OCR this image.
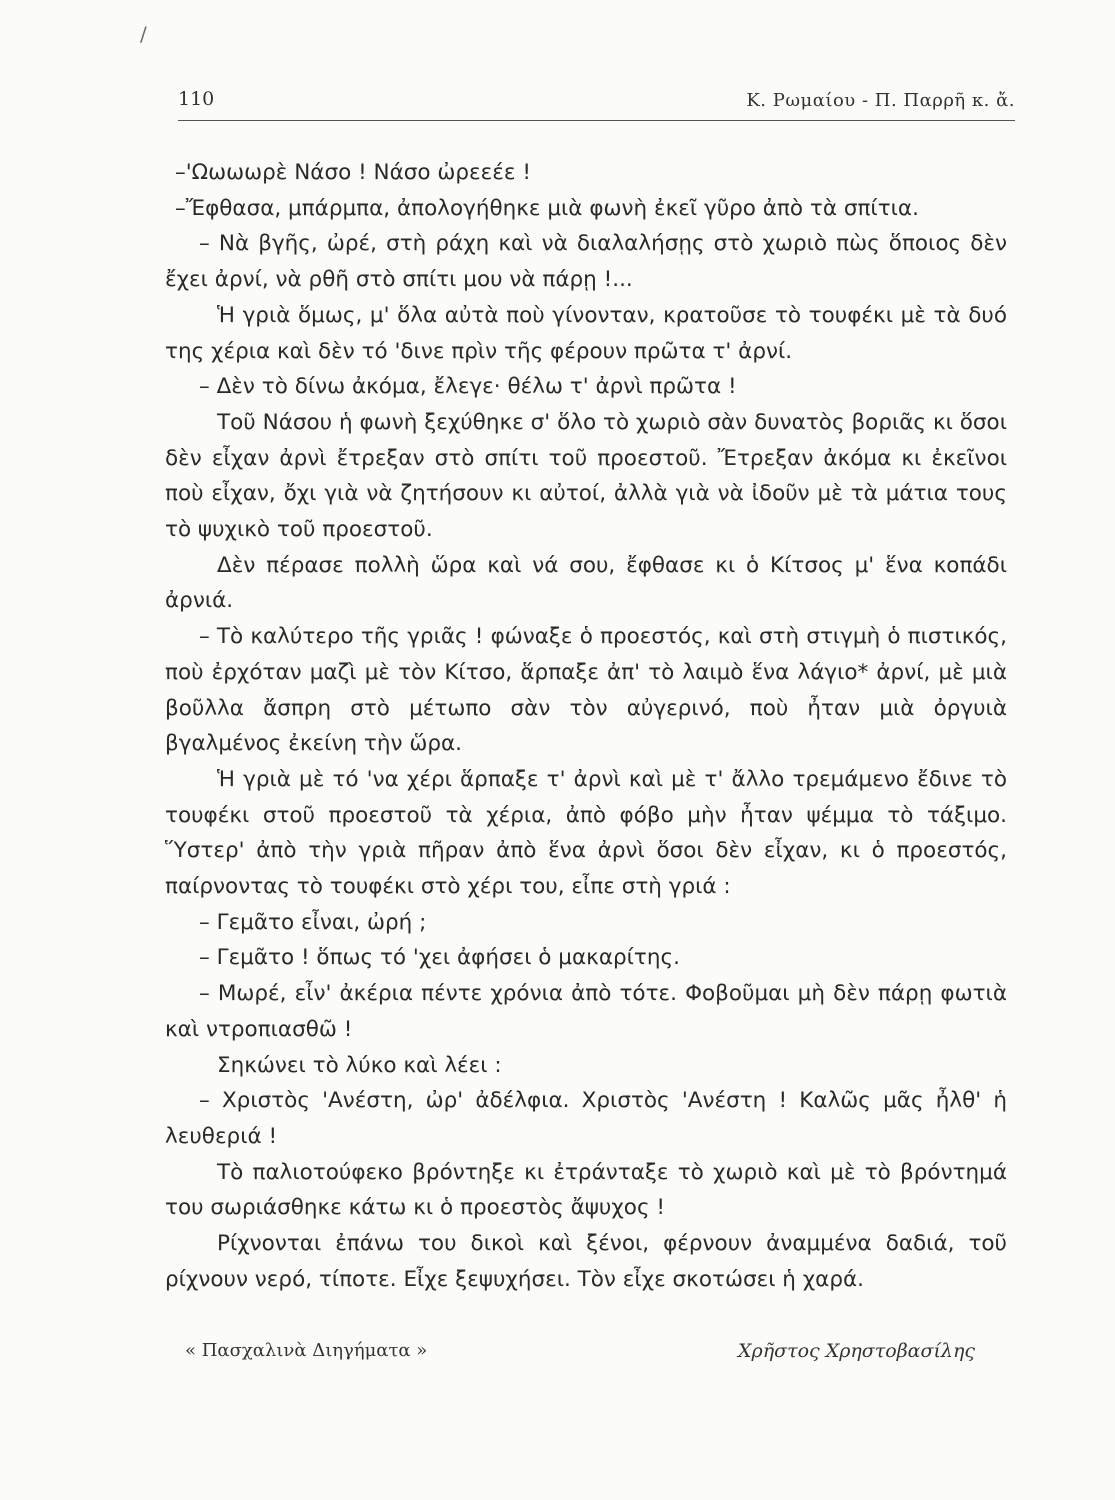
/
110	Κ. Ρωμαίου - Π. Παρρῆ κ. ἄ.

–'Ωωωωρὲ Νάσο ! Νάσο ὠρεεέε !

–Ἔφθασα, μπάρμπα, ἀπολογήθηκε μιὰ φωνὴ ἐκεῖ γῦρο ἀπὸ τὰ σπίτια.

– Νὰ βγῆς, ὠρέ, στὴ ράχη καὶ νὰ διαλαλήσῃς στὸ χωριὸ πὼς ὅποιος δὲν ἔχει ἀρνί, νὰ ρθῆ στὸ σπίτι μου νὰ πάρῃ !...

Ἡ γριὰ ὅμως, μ' ὅλα αὐτὰ ποὺ γίνονταν, κρατοῦσε τὸ τουφέκι μὲ τὰ δυό της χέρια καὶ δὲν τό 'δινε πρὶν τῆς φέρουν πρῶτα τ' ἀρνί.

– Δὲν τὸ δίνω ἀκόμα, ἔλεγε· θέλω τ' ἀρνὶ πρῶτα !

Τοῦ Νάσου ἡ φωνὴ ξεχύθηκε σ' ὅλο τὸ χωριὸ σὰν δυνατὸς βοριᾶς κι ὅσοι δὲν εἶχαν ἀρνὶ ἔτρεξαν στὸ σπίτι τοῦ προεστοῦ. Ἔτρεξαν ἀκόμα κι ἐκεῖνοι ποὺ εἶχαν, ὄχι γιὰ νὰ ζητήσουν κι αὐτοί, ἀλλὰ γιὰ νὰ ἰδοῦν μὲ τὰ μάτια τους τὸ ψυχικὸ τοῦ προεστοῦ.

Δὲν πέρασε πολλὴ ὥρα καὶ νά σου, ἔφθασε κι ὁ Κίτσος μ' ἕνα κοπάδι ἀρνιά.

– Τὸ καλύτερο τῆς γριᾶς ! φώναξε ὁ προεστός, καὶ στὴ στιγμὴ ὁ πιστικός, ποὺ ἐρχόταν μαζὶ μὲ τὸν Κίτσο, ἅρπαξε ἀπ' τὸ λαιμὸ ἕνα λάγιο* ἀρνί, μὲ μιὰ βοῦλλα ἄσπρη στὸ μέτωπο σὰν τὸν αὐγερινό, ποὺ ἦταν μιὰ ὀργυιὰ βγαλμένος ἐκείνη τὴν ὥρα.

Ἡ γριὰ μὲ τό 'να χέρι ἅρπαξε τ' ἀρνὶ καὶ μὲ τ' ἄλλο τρεμάμενο ἔδινε τὸ τουφέκι στοῦ προεστοῦ τὰ χέρια, ἀπὸ φόβο μὴν ἦταν ψέμμα τὸ τάξιμο. Ὕστερ' ἀπὸ τὴν γριὰ πῆραν ἀπὸ ἕνα ἀρνὶ ὅσοι δὲν εἶχαν, κι ὁ προεστός, παίρνοντας τὸ τουφέκι στὸ χέρι του, εἶπε στὴ γριά :

– Γεμᾶτο εἶναι, ὠρή ;

– Γεμᾶτο ! ὅπως τό 'χει ἀφήσει ὁ μακαρίτης.

– Μωρέ, εἶν' ἀκέρια πέντε χρόνια ἀπὸ τότε. Φοβοῦμαι μὴ δὲν πάρῃ φωτιὰ καὶ ντροπιασθῶ !

Σηκώνει τὸ λύκο καὶ λέει :

– Χριστὸς 'Ανέστη, ὠρ' ἀδέλφια. Χριστὸς 'Ανέστη ! Καλῶς μᾶς ἦλθ' ἡ λευθεριά !

Τὸ παλιοτούφεκο βρόντηξε κι ἐτράνταξε τὸ χωριὸ καὶ μὲ τὸ βρόντημά του σωριάσθηκε κάτω κι ὁ προεστὸς ἄψυχος !

Ρίχνονται ἐπάνω του δικοὶ καὶ ξένοι, φέρνουν ἀναμμένα δαδιά, τοῦ ρίχνουν νερό, τίποτε. Εἶχε ξεψυχήσει. Τὸν εἶχε σκοτώσει ἡ χαρά.

« Πασχαλινὰ Διηγήματα »	Χρῆστος Χρηστοβασίλης
